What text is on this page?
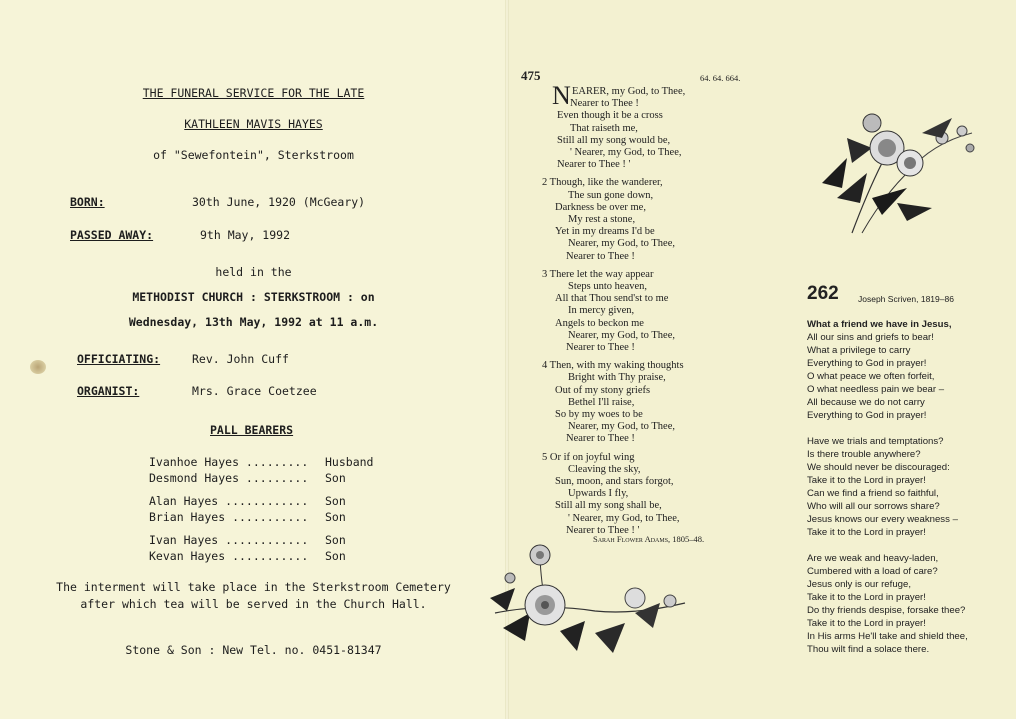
THE FUNERAL SERVICE FOR THE LATE
KATHLEEN MAVIS HAYES
of "Sewefontein", Sterkstroom
BORN:	30th June, 1920 (McGeary)
PASSED AWAY:	9th May, 1992
held in the
METHODIST CHURCH : STERKSTROOM : on
Wednesday, 13th May, 1992 at 11 a.m.
OFFICIATING:	Rev. John Cuff
ORGANIST:	Mrs. Grace Coetzee
PALL BEARERS
Ivanhoe Hayes ......... Husband
Desmond Hayes ......... Son
Alan Hayes ............ Son
Brian Hayes ........... Son
Ivan Hayes ............ Son
Kevan Hayes ........... Son
The interment will take place in the Sterkstroom Cemetery
after which tea will be served in the Church Hall.
Stone & Son : New Tel. no. 0451-81347
475	64. 64. 664.
N EARER, my God, to Thee,
Nearer to Thee !
Even though it be a cross
That raiseth me,
Still all my song would be,
' Nearer, my God, to Thee,
Nearer to Thee ! '
2 Though, like the wanderer,
The sun gone down,
Darkness be over me,
My rest a stone,
Yet in my dreams I'd be
Nearer, my God, to Thee,
Nearer to Thee !
3 There let the way appear
Steps unto heaven,
All that Thou send'st to me
In mercy given,
Angels to beckon me
Nearer, my God, to Thee,
Nearer to Thee !
4 Then, with my waking thoughts
Bright with Thy praise,
Out of my stony griefs
Bethel I'll raise,
So by my woes to be
Nearer, my God, to Thee,
Nearer to Thee !
5 Or if on joyful wing
Cleaving the sky,
Sun, moon, and stars forgot,
Upwards I fly,
Still all my song shall be,
' Nearer, my God, to Thee,
Nearer to Thee ! '
Sarah Flower Adams, 1805–48.
262 Joseph Scriven, 1819–86
What a friend we have in Jesus,
All our sins and griefs to bear!
What a privilege to carry
Everything to God in prayer!
O what peace we often forfeit,
O what needless pain we bear –
All because we do not carry
Everything to God in prayer!
Have we trials and temptations?
Is there trouble anywhere?
We should never be discouraged:
Take it to the Lord in prayer!
Can we find a friend so faithful,
Who will all our sorrows share?
Jesus knows our every weakness –
Take it to the Lord in prayer!
Are we weak and heavy-laden,
Cumbered with a load of care?
Jesus only is our refuge,
Take it to the Lord in prayer!
Do thy friends despise, forsake thee?
Take it to the Lord in prayer!
In His arms He'll take and shield thee,
Thou wilt find a solace there.
